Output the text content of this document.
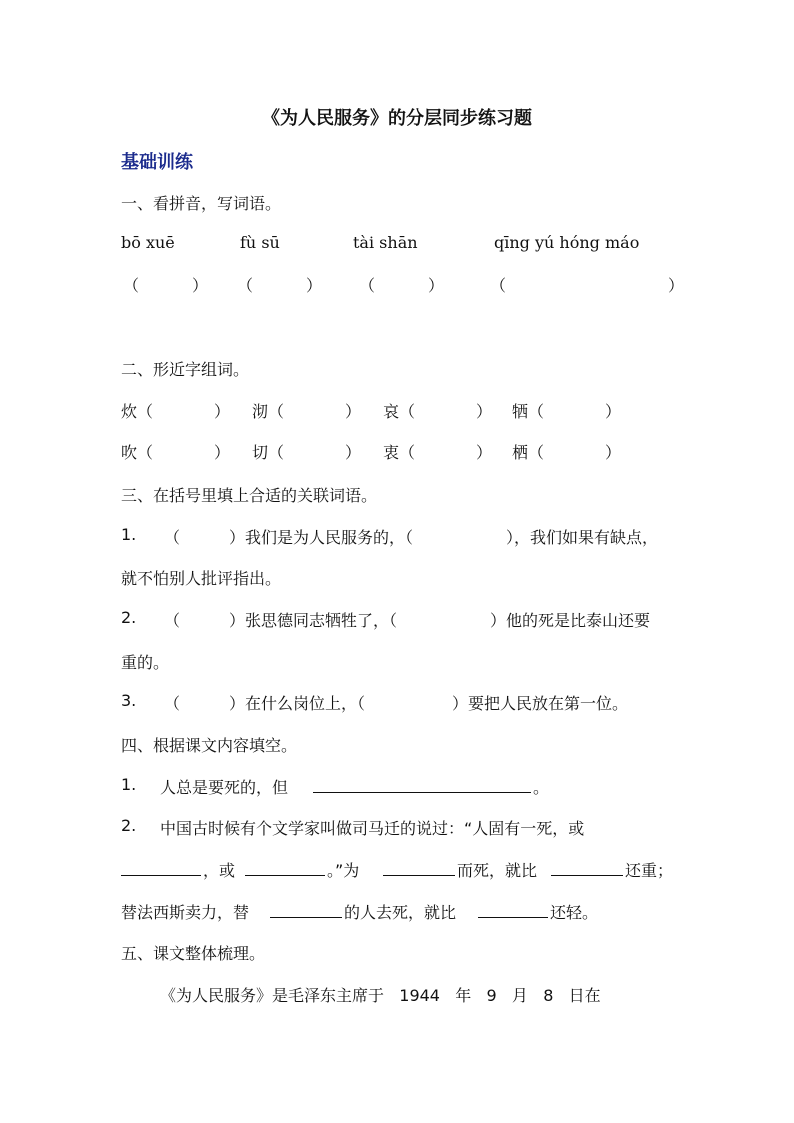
《为人民服务》的分层同步练习题
基础训练
一、看拼音，写词语。
bō xuē	fù sū	tài shān	qīng yú hóng máo
（	） （	） （	）	（	）
二、形近字组词。
炊（	） 沏（	） 哀（	） 牺（	）
吹（	） 切（	） 衷（	） 栖（	）
三、在括号里填上合适的关联词语。
1. （	）我们是为人民服务的，（	），我们如果有缺点，
就不怕别人批评指出。
2. （	）张思德同志牺牲了，（	）他的死是比泰山还要
重的。
3. （	）在什么岗位上，（	）要把人民放在第一位。
四、根据课文内容填空。
1. 人总是要死的，但	。
2. 中国古时候有个文学家叫做司马迁的说过：“人固有一死，或
，或	。”为	而死，就比	还重；
替法西斯卖力，替	的人去死，就比	还轻。
五、课文整体梳理。
《为人民服务》是毛泽东主席于   1944   年   9   月   8   日在
